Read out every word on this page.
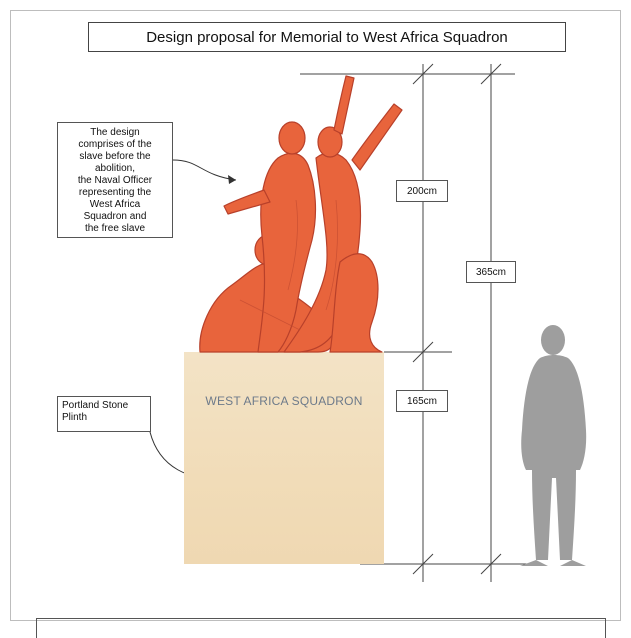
Design proposal for Memorial to West Africa Squadron
WEST AFRICA SQUADRON
The design
comprises of the
slave before the
abolition,
the Naval Officer
representing the
West Africa
Squadron and
the free slave
Portland Stone
Plinth
200cm
365cm
165cm
